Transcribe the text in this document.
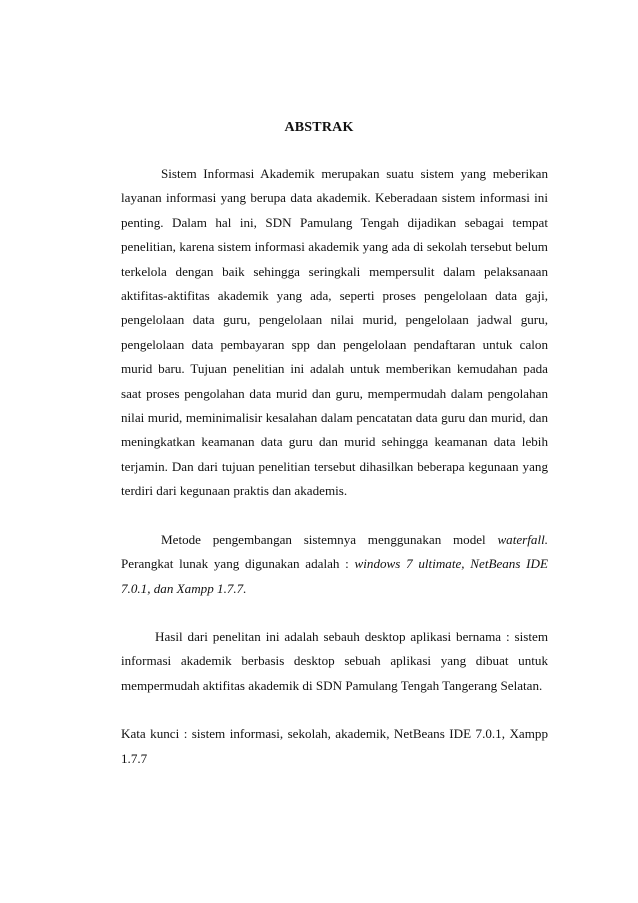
ABSTRAK

Sistem Informasi Akademik merupakan suatu sistem yang meberikan layanan informasi yang berupa data akademik. Keberadaan sistem informasi ini penting. Dalam hal ini, SDN Pamulang Tengah dijadikan sebagai tempat penelitian, karena sistem informasi akademik yang ada di sekolah tersebut belum terkelola dengan baik sehingga seringkali mempersulit dalam pelaksanaan aktifitas-aktifitas akademik yang ada, seperti proses pengelolaan data gaji, pengelolaan data guru, pengelolaan nilai murid, pengelolaan jadwal guru, pengelolaan data pembayaran spp dan pengelolaan pendaftaran untuk calon murid baru. Tujuan penelitian ini adalah untuk memberikan kemudahan pada saat proses pengolahan data murid dan guru, mempermudah dalam pengolahan nilai murid, meminimalisir kesalahan dalam pencatatan data guru dan murid, dan meningkatkan keamanan data guru dan murid sehingga keamanan data lebih terjamin. Dan dari tujuan penelitian tersebut dihasilkan beberapa kegunaan yang terdiri dari kegunaan praktis dan akademis.

Metode pengembangan sistemnya menggunakan model waterfall. Perangkat lunak yang digunakan adalah : windows 7 ultimate, NetBeans IDE 7.0.1, dan Xampp 1.7.7.

Hasil dari penelitan ini adalah sebauh desktop aplikasi bernama : sistem informasi akademik berbasis desktop sebuah aplikasi yang dibuat untuk mempermudah aktifitas akademik di SDN Pamulang Tengah Tangerang Selatan.

Kata kunci : sistem informasi, sekolah, akademik, NetBeans IDE 7.0.1, Xampp 1.7.7
